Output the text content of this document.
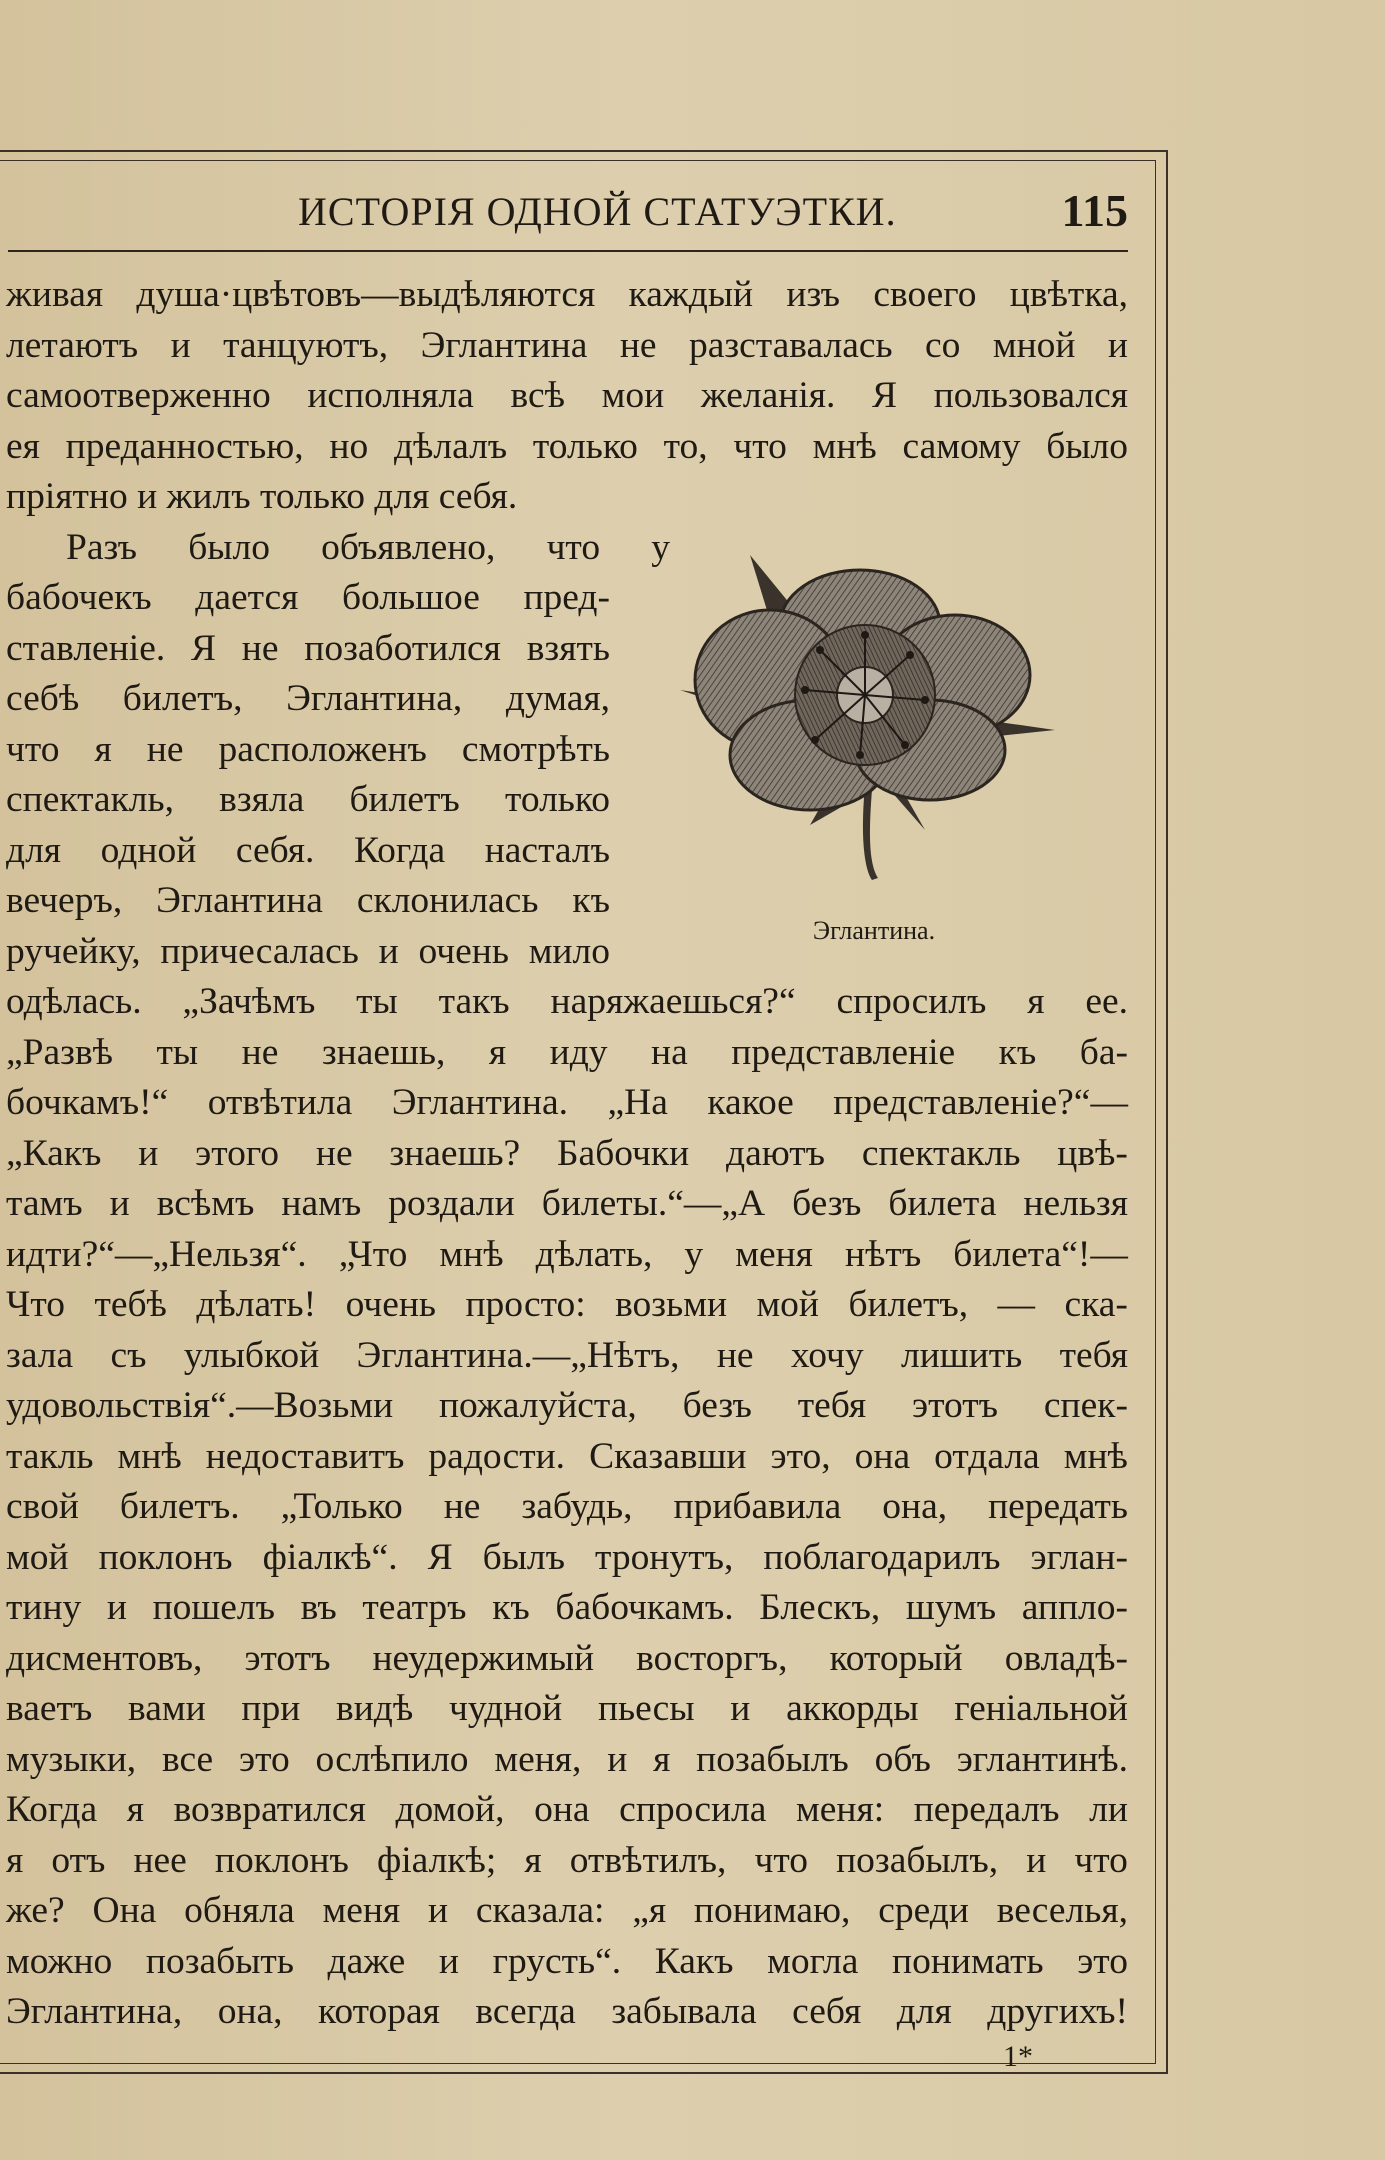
ИСТОРІЯ ОДНОЙ СТАТУЭТКИ.	115
живая душа·цвѣтовъ—выдѣляются каждый изъ своего цвѣтка,
летаютъ и танцуютъ, Эглантина не разставалась со мной и
самоотверженно исполняла всѣ мои желанія. Я пользовался
ея преданностью, но дѣлалъ только то, что мнѣ самому было
пріятно и жилъ только для себя.
Разъ было объявлено, что у
бабочекъ дается большое пред-
ставленіе. Я не позаботился взять
себѣ билетъ, Эглантина, думая,
что я не расположенъ смотрѣть
спектакль, взяла билетъ только
для одной себя. Когда насталъ
вечеръ, Эглантина склонилась къ
ручейку, причесалась и очень мило
одѣлась. „Зачѣмъ ты такъ наряжаешься?“ спросилъ я ее.
„Развѣ ты не знаешь, я иду на представленіе къ ба-
бочкамъ!“ отвѣтила Эглантина. „На какое представленіе?“—
„Какъ и этого не знаешь? Бабочки даютъ спектакль цвѣ-
тамъ и всѣмъ намъ роздали билеты.“—„А безъ билета нельзя
идти?“—„Нельзя“. „Что мнѣ дѣлать, у меня нѣтъ билета“!—
Что тебѣ дѣлать! очень просто: возьми мой билетъ, — ска-
зала съ улыбкой Эглантина.—„Нѣтъ, не хочу лишить тебя
удовольствія“.—Возьми пожалуйста, безъ тебя этотъ спек-
такль мнѣ недоставитъ радости. Сказавши это, она отдала мнѣ
свой билетъ. „Только не забудь, прибавила она, передать
мой поклонъ фіалкѣ“. Я былъ тронутъ, поблагодарилъ эглан-
тину и пошелъ въ театръ къ бабочкамъ. Блескъ, шумъ аппло-
дисментовъ, этотъ неудержимый восторгъ, который овладѣ-
ваетъ вами при видѣ чудной пьесы и аккорды геніальной
музыки, все это ослѣпило меня, и я позабылъ объ эглантинѣ.
Когда я возвратился домой, она спросила меня: передалъ ли
я отъ нее поклонъ фіалкѣ; я отвѣтилъ, что позабылъ, и что
же? Она обняла меня и сказала: „я понимаю, среди веселья,
можно позабыть даже и грусть“. Какъ могла понимать это
Эглантина, она, которая всегда забывала себя для другихъ!
Эглантина.
1*
